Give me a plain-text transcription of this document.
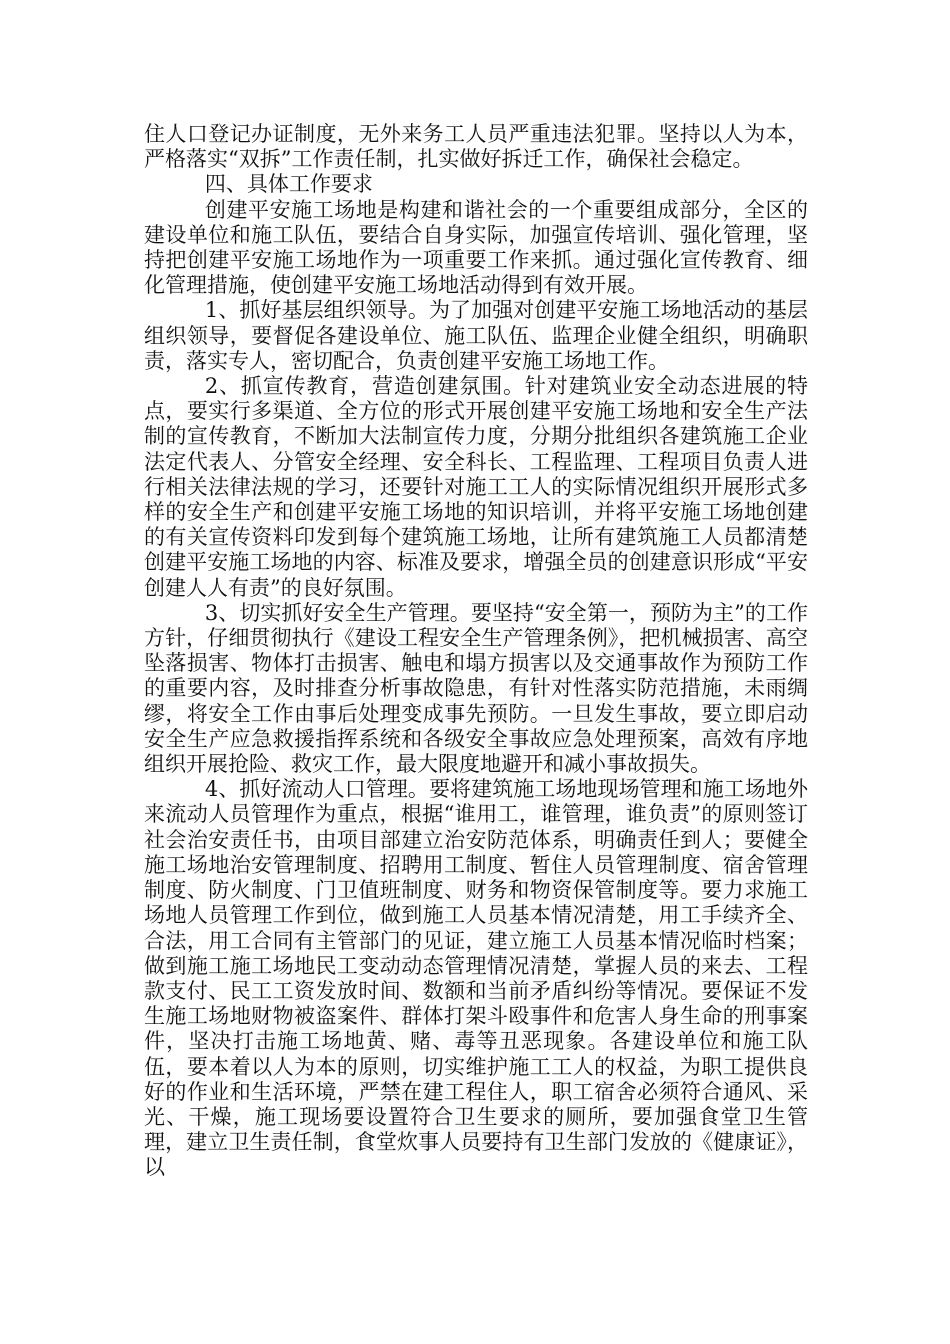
住人口登记办证制度，无外来务工人员严重违法犯罪。坚持以人为本，严格落实“双拆”工作责任制，扎实做好拆迁工作，确保社会稳定。

四、具体工作要求

创建平安施工场地是构建和谐社会的一个重要组成部分，全区的建设单位和施工队伍，要结合自身实际，加强宣传培训、强化管理，坚持把创建平安施工场地作为一项重要工作来抓。通过强化宣传教育、细化管理措施，使创建平安施工场地活动得到有效开展。

1、抓好基层组织领导。为了加强对创建平安施工场地活动的基层组织领导，要督促各建设单位、施工队伍、监理企业健全组织，明确职责，落实专人，密切配合，负责创建平安施工场地工作。

2、抓宣传教育，营造创建氛围。针对建筑业安全动态进展的特点，要实行多渠道、全方位的形式开展创建平安施工场地和安全生产法制的宣传教育，不断加大法制宣传力度，分期分批组织各建筑施工企业法定代表人、分管安全经理、安全科长、工程监理、工程项目负责人进行相关法律法规的学习，还要针对施工工人的实际情况组织开展形式多样的安全生产和创建平安施工场地的知识培训，并将平安施工场地创建的有关宣传资料印发到每个建筑施工场地，让所有建筑施工人员都清楚创建平安施工场地的内容、标准及要求，增强全员的创建意识形成“平安创建人人有责”的良好氛围。

3、切实抓好安全生产管理。要坚持“安全第一，预防为主”的工作方针，仔细贯彻执行《建设工程安全生产管理条例》，把机械损害、高空坠落损害、物体打击损害、触电和塌方损害以及交通事故作为预防工作的重要内容，及时排查分析事故隐患，有针对性落实防范措施，未雨绸缪，将安全工作由事后处理变成事先预防。一旦发生事故，要立即启动安全生产应急救援指挥系统和各级安全事故应急处理预案，高效有序地组织开展抢险、救灾工作，最大限度地避开和减小事故损失。

4、抓好流动人口管理。要将建筑施工场地现场管理和施工场地外来流动人员管理作为重点，根据“谁用工，谁管理，谁负责”的原则签订社会治安责任书，由项目部建立治安防范体系，明确责任到人；要健全施工场地治安管理制度、招聘用工制度、暂住人员管理制度、宿舍管理制度、防火制度、门卫值班制度、财务和物资保管制度等。要力求施工场地人员管理工作到位，做到施工人员基本情况清楚，用工手续齐全、合法，用工合同有主管部门的见证，建立施工人员基本情况临时档案；做到施工施工场地民工变动动态管理情况清楚，掌握人员的来去、工程款支付、民工工资发放时间、数额和当前矛盾纠纷等情况。要保证不发生施工场地财物被盗案件、群体打架斗殴事件和危害人身生命的刑事案件，坚决打击施工场地黄、赌、毒等丑恶现象。各建设单位和施工队伍，要本着以人为本的原则，切实维护施工工人的权益，为职工提供良好的作业和生活环境，严禁在建工程住人，职工宿舍必须符合通风、采光、干燥，施工现场要设置符合卫生要求的厕所，要加强食堂卫生管理，建立卫生责任制，食堂炊事人员要持有卫生部门发放的《健康证》，以
